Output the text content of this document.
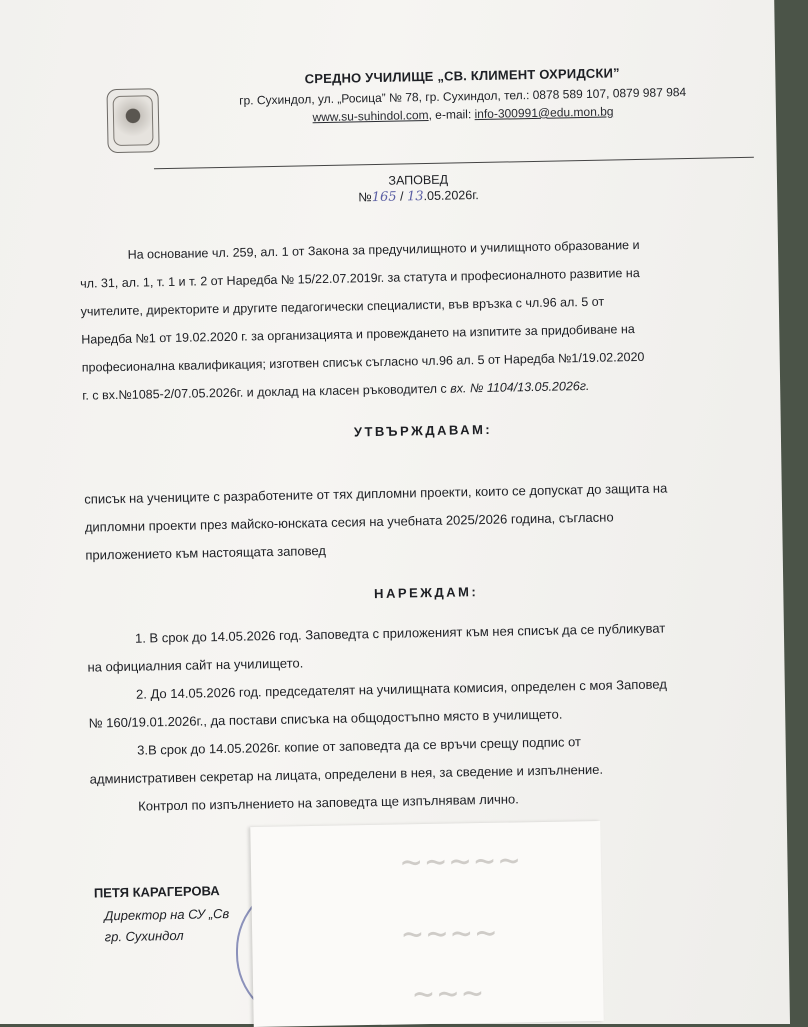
СРЕДНО УЧИЛИЩЕ „СВ. КЛИМЕНТ ОХРИДСКИ”
гр. Сухиндол, ул. „Росица” № 78, гр. Сухиндол, тел.: 0878 589 107, 0879 987 984
www.su-suhindol.com, e-mail: info-300991@edu.mon.bg
ЗАПОВЕД
№165 / 13.05.2026г.
На основание чл. 259, ал. 1 от Закона за предучилищното и училищното образование и
чл. 31, ал. 1, т. 1 и т. 2 от Наредба № 15/22.07.2019г. за статута и професионалното развитие на
учителите, директорите и другите педагогически специалисти, във връзка с чл.96 ал. 5 от
Наредба №1 от 19.02.2020 г. за организацията и провеждането на изпитите за придобиване на
професионална квалификация; изготвен списък съгласно чл.96 ал. 5 от Наредба №1/19.02.2020
г. с вх.№1085-2/07.05.2026г. и доклад на класен ръководител с вх. № 1104/13.05.2026г.
УТВЪРЖДАВАМ:
списък на учениците с разработените от тях дипломни проекти, които се допускат до защита на
дипломни проекти през майско-юнската сесия на учебната 2025/2026 година, съгласно
приложението към настоящата заповед
НАРЕЖДАМ:
1. В срок до 14.05.2026 год. Заповедта с приложеният към нея списък да се публикуват
на официалния сайт на училището.
2. До 14.05.2026 год. председателят на училищната комисия, определен с моя Заповед
№ 160/19.01.2026г., да постави списъка на общодостъпно място в училището.
3.В срок до 14.05.2026г. копие от заповедта да се връчи срещу подпис от
административен секретар на лицата, определени в нея, за сведение и изпълнение.
Контрол по изпълнението на заповедта ще изпълнявам лично.
ПЕТЯ КАРАГЕРОВА
Директор на СУ „Св
гр. Сухиндол
~~~~~
~~~~
~~~
